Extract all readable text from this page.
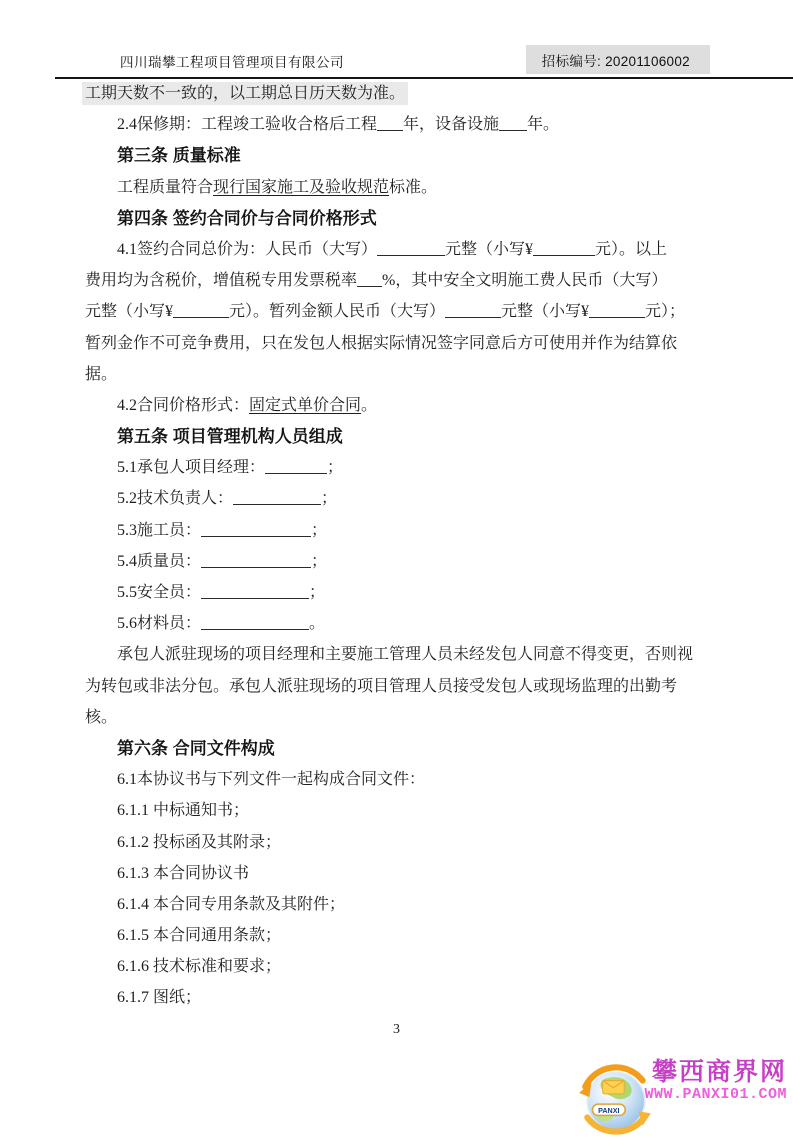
四川瑞攀工程项目管理项目有限公司	招标编号: 20201106002
工期天数不一致的，以工期总日历天数为准。
2.4保修期：工程竣工验收合格后工程 年，设备设施 年。
第三条 质量标准
工程质量符合现行国家施工及验收规范标准。
第四条 签约合同价与合同价格形式
4.1签约合同总价为：人民币（大写）	元整（小写¥	元）。以上
费用均为含税价，增值税专用发票税率 %，其中安全文明施工费人民币（大写）
元整（小写¥	元）。暂列金额人民币（大写）	元整（小写¥	元）；
暂列金作不可竞争费用，只在发包人根据实际情况签字同意后方可使用并作为结算依
据。
4.2合同价格形式：固定式单价合同。
第五条 项目管理机构人员组成
5.1承包人项目经理：	；
5.2技术负责人：	；
5.3施工员：	；
5.4质量员：	；
5.5安全员：	；
5.6材料员：	。
承包人派驻现场的项目经理和主要施工管理人员未经发包人同意不得变更，否则视
为转包或非法分包。承包人派驻现场的项目管理人员接受发包人或现场监理的出勤考
核。
第六条 合同文件构成
6.1本协议书与下列文件一起构成合同文件：
6.1.1 中标通知书；
6.1.2 投标函及其附录；
6.1.3 本合同协议书
6.1.4 本合同专用条款及其附件；
6.1.5 本合同通用条款；
6.1.6 技术标准和要求；
6.1.7 图纸；
3
PANXI
攀西商界网
WWW.PANXI01.COM
